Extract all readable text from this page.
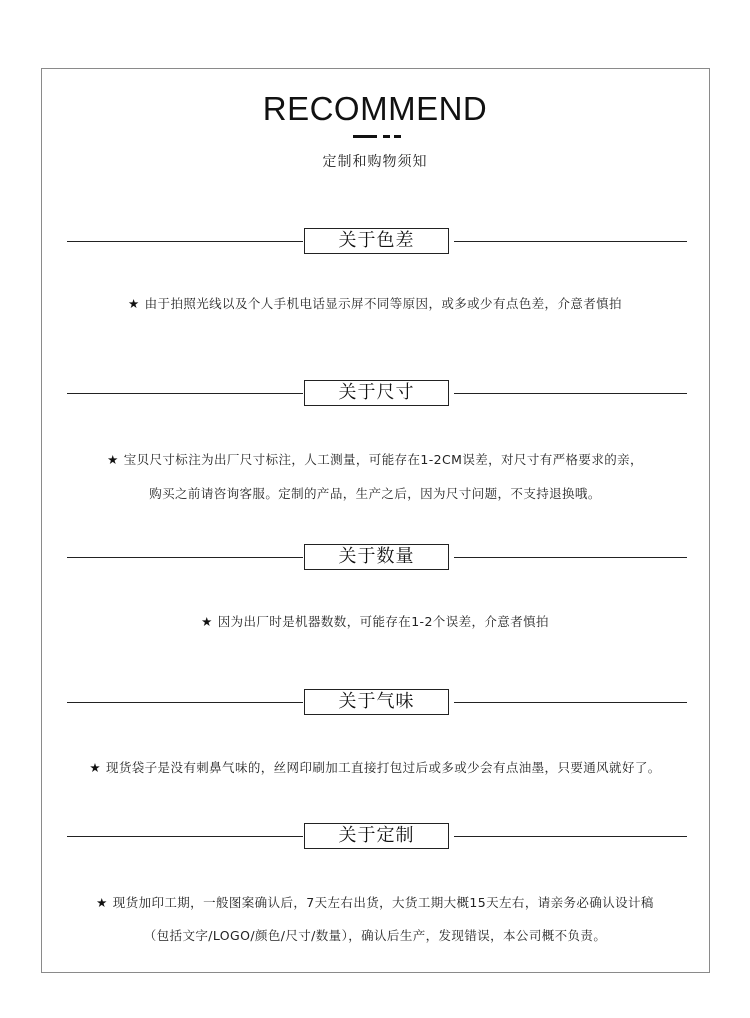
RECOMMEND
定制和购物须知
关于色差
★ 由于拍照光线以及个人手机电话显示屏不同等原因，或多或少有点色差，介意者慎拍
关于尺寸
★ 宝贝尺寸标注为出厂尺寸标注，人工测量，可能存在1-2CM误差，对尺寸有严格要求的亲，
购买之前请咨询客服。定制的产品，生产之后，因为尺寸问题，不支持退换哦。
关于数量
★ 因为出厂时是机器数数，可能存在1-2个误差，介意者慎拍
关于气味
★ 现货袋子是没有刺鼻气味的，丝网印刷加工直接打包过后或多或少会有点油墨，只要通风就好了。
关于定制
★ 现货加印工期，一般图案确认后，7天左右出货，大货工期大概15天左右，请亲务必确认设计稿
（包括文字/LOGO/颜色/尺寸/数量），确认后生产，发现错误，本公司概不负责。
